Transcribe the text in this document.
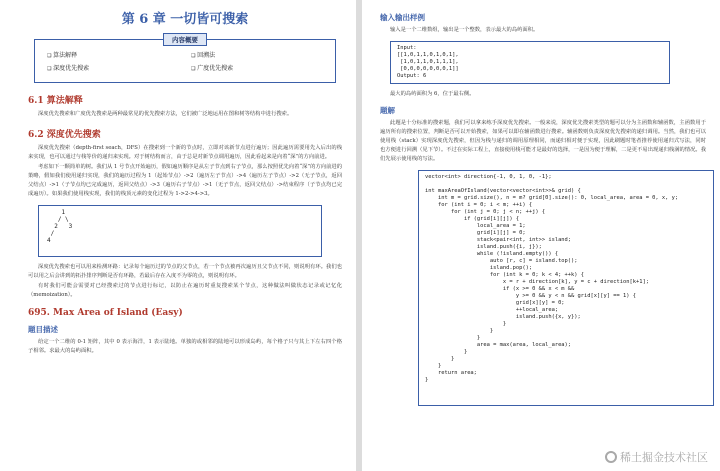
第 6 章 一切皆可搜索
内容概要
❑ 算法解释	❑ 回溯法
❑ 深度优先搜索	❑ 广度优先搜索
6.1 算法解释

深度优先搜索和广度优先搜索是两种最常见的优先搜索方法，它们被广泛地运用在图和树等结构中进行搜索。

6.2 深度优先搜索

深度优先搜索（depth-first seach，DFS）在搜索到一个新的节点时，立即对该新节点进行遍历；因此遍历需要用先入后出的栈来实现，也可以通过与栈等价的递归来实现。对于树结构而言，由于总是对新节点调用遍历，因此看起来是向着“深”的方向前进。

考虑如下一颗简单的树。我们从 1 号节点开始遍历，假如遍历顺序是从左子节点到右子节点，那么按照优先向着“深”的方向前进的策略，假如我们使用递归实现，我们的遍历过程为 1（起始节点）->2（遍历左子节点）->4（遍历左子节点）->2（无子节点，返回父结点）->1（子节点均已完成遍历，返回父结点）->3（遍历右子节点）->1（无子节点，返回父结点）->结束程序（子节点均已完成遍历）。如果我们使用栈实现，我们的栈顶元素的变化过程为 1->2->4->3。

1
/ \
2   3
/
4

深度优先搜索也可以用来检测环路：记录每个遍历过的节点的父节点，若一个节点被再次遍历且父节点不同，则说明有环。我们也可以用之后会讲到的拓扑排序判断是否有环路，若最后存在入度不为零的点，则说明有环。

有时我们可能会需要对已经搜索过的节点进行标记，以防止在遍历时重复搜索某个节点，这种做法叫做状态记录或记忆化（memoization）。

695. Max Area of Island (Easy)
题目描述

给定一个二维的 0-1 矩阵，其中 0 表示海洋，1 表示陆地。单独的或相邻的陆地可以形成岛屿，每个格子只与其上下左右四个格子相邻。求最大的岛屿面积。

输入输出样例

输入是一个二维数组，输出是一个整数，表示最大的岛屿面积。

Input:
[[1,0,1,1,0,1,0,1],
[1,0,1,1,0,1,1,1],
[0,0,0,0,0,0,0,1]]
Output: 6

最大的岛屿面积为 6，位于最右侧。

题解

此题是十分标准的搜索题，我们可以拿来练手深度优先搜索。一般来说，深度优先搜索类型的题可以分为主函数和辅函数，主函数用于遍历所有的搜索位置，判断是否可以开始搜索，如果可以即在辅函数进行搜索。辅函数则负责深度优先搜索的递归调用。当然，我们也可以使用栈（stack）实现深度优先搜索，但因为栈与递归的调用原理相同，而递归相对便于实现，因此刷题时笔者推荐使用递归式写法，同时也方便进行回溯（见下节）。不过在实际工程上，直接使用栈可能才是最好的选择，一是因为便于理解，二是更不易出现递归栈满的情况。我们先展示使用栈的写法。

vector<int> direction{-1, 0, 1, 0, -1};

int maxAreaOfIsland(vector<vector<int>>& grid) {
int m = grid.size(), n = m? grid[0].size(): 0, local_area, area = 0, x, y;
for (int i = 0; i < m; ++i) {
for (int j = 0; j < n; ++j) {
if (grid[i][j]) {
local_area = 1;
grid[i][j] = 0;
stack<pair<int, int>> island;
island.push({i, j});
while (!island.empty()) {
auto [r, c] = island.top();
island.pop();
for (int k = 0; k < 4; ++k) {
x = r + direction[k], y = c + direction[k+1];
if (x >= 0 && x < m &&
y >= 0 && y < n && grid[x][y] == 1) {
grid[x][y] = 0;
++local_area;
island.push({x, y});
}
}
}
area = max(area, local_area);
}
}
}
return area;
}
稀土掘金技术社区
